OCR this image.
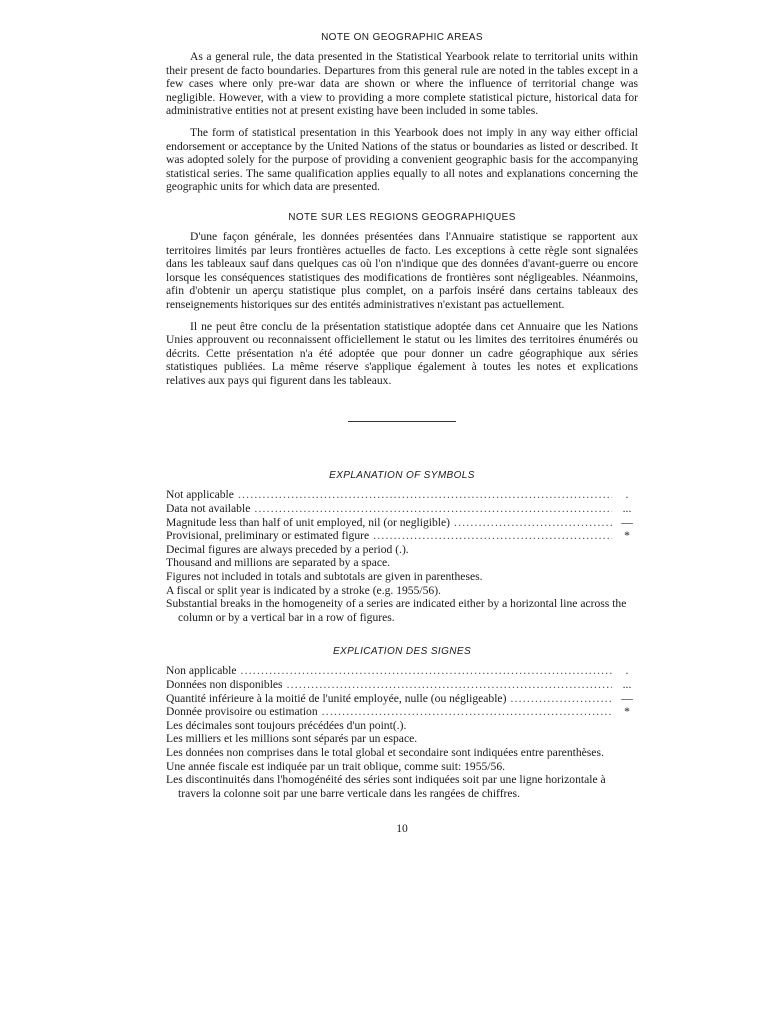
NOTE ON GEOGRAPHIC AREAS

As a general rule, the data presented in the Statistical Yearbook relate to territorial units within their present de facto boundaries. Departures from this general rule are noted in the tables except in a few cases where only pre-war data are shown or where the influence of territorial change was negligible. However, with a view to providing a more complete statistical picture, historical data for administrative entities not at present existing have been included in some tables.

The form of statistical presentation in this Yearbook does not imply in any way either official endorsement or acceptance by the United Nations of the status or boundaries as listed or described. It was adopted solely for the purpose of providing a convenient geographic basis for the accompanying statistical series. The same qualification applies equally to all notes and explanations concerning the geographic units for which data are presented.

NOTE SUR LES REGIONS GEOGRAPHIQUES

D'une façon générale, les données présentées dans l'Annuaire statistique se rapportent aux territoires limités par leurs frontières actuelles de facto. Les exceptions à cette règle sont signalées dans les tableaux sauf dans quelques cas où l'on n'indique que des données d'avant-guerre ou encore lorsque les conséquences statistiques des modifications de frontières sont négligeables. Néanmoins, afin d'obtenir un aperçu statistique plus complet, on a parfois inséré dans certains tableaux des renseignements historiques sur des entités administratives n'existant pas actuellement.

Il ne peut être conclu de la présentation statistique adoptée dans cet Annuaire que les Nations Unies approuvent ou reconnaissent officiellement le statut ou les limites des territoires énumérés ou décrits. Cette présentation n'a été adoptée que pour donner un cadre géographique aux séries statistiques publiées. La même réserve s'applique également à toutes les notes et explications relatives aux pays qui figurent dans les tableaux.

EXPLANATION OF SYMBOLS
Not applicable .....	.
Data not available .....	...
Magnitude less than half of unit employed, nil (or negligible) .....	—
Provisional, preliminary or estimated figure .....	*
Decimal figures are always preceded by a period (.).
Thousand and millions are separated by a space.
Figures not included in totals and subtotals are given in parentheses.
A fiscal or split year is indicated by a stroke (e.g. 1955/56).
Substantial breaks in the homogeneity of a series are indicated either by a horizontal line across the column or by a vertical bar in a row of figures.
EXPLICATION DES SIGNES
Non applicable .....	.
Données non disponibles .....	...
Quantité inférieure à la moitié de l'unité employée, nulle (ou négligeable) .....	—
Donnée provisoire ou estimation .....	*
Les décimales sont toujours précédées d'un point(.).
Les milliers et les millions sont séparés par un espace.
Les données non comprises dans le total global et secondaire sont indiquées entre parenthèses.
Une année fiscale est indiquée par un trait oblique, comme suit: 1955/56.
Les discontinuités dans l'homogénéité des séries sont indiquées soit par une ligne horizontale à travers la colonne soit par une barre verticale dans les rangées de chiffres.
10
